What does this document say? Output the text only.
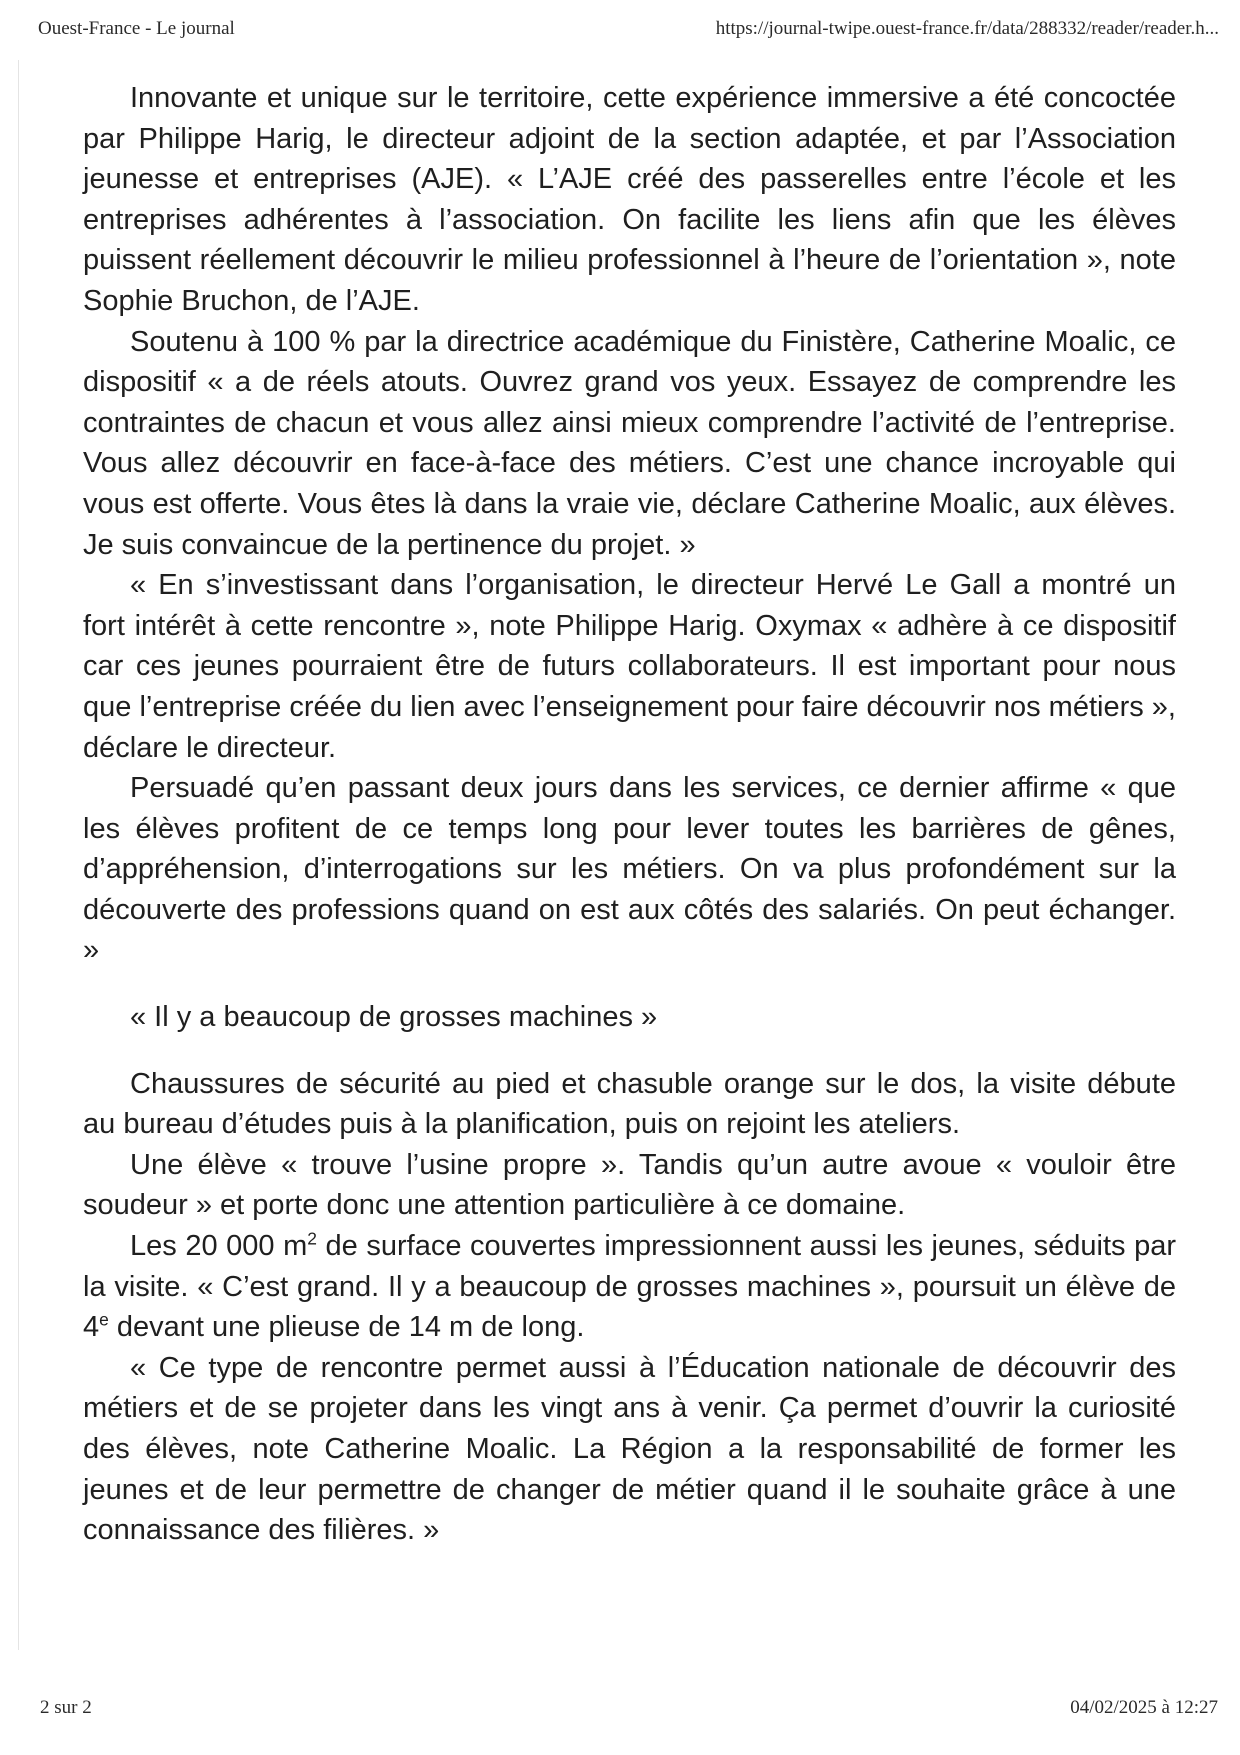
Ouest-France - Le journal	https://journal-twipe.ouest-france.fr/data/288332/reader/reader.h...

Innovante et unique sur le territoire, cette expérience immersive a été concoctée par Philippe Harig, le directeur adjoint de la section adaptée, et par l’Association jeunesse et entreprises (AJE). « L’AJE créé des passerelles entre l’école et les entreprises adhérentes à l’association. On facilite les liens afin que les élèves puissent réellement découvrir le milieu professionnel à l’heure de l’orientation », note Sophie Bruchon, de l’AJE.

Soutenu à 100 % par la directrice académique du Finistère, Catherine Moalic, ce dispositif « a de réels atouts. Ouvrez grand vos yeux. Essayez de comprendre les contraintes de chacun et vous allez ainsi mieux comprendre l’activité de l’entreprise. Vous allez découvrir en face-à-face des métiers. C’est une chance incroyable qui vous est offerte. Vous êtes là dans la vraie vie, déclare Catherine Moalic, aux élèves. Je suis convaincue de la pertinence du projet. »

« En s’investissant dans l’organisation, le directeur Hervé Le Gall a montré un fort intérêt à cette rencontre », note Philippe Harig. Oxymax « adhère à ce dispositif car ces jeunes pourraient être de futurs collaborateurs. Il est important pour nous que l’entreprise créée du lien avec l’enseignement pour faire découvrir nos métiers », déclare le directeur.

Persuadé qu’en passant deux jours dans les services, ce dernier affirme « que les élèves profitent de ce temps long pour lever toutes les barrières de gênes, d’appréhension, d’interrogations sur les métiers. On va plus profondément sur la découverte des professions quand on est aux côtés des salariés. On peut échanger. »

« Il y a beaucoup de grosses machines »

Chaussures de sécurité au pied et chasuble orange sur le dos, la visite débute au bureau d’études puis à la planification, puis on rejoint les ateliers.

Une élève « trouve l’usine propre ». Tandis qu’un autre avoue « vouloir être soudeur » et porte donc une attention particulière à ce domaine.

Les 20 000 $m^2$ de surface couvertes impressionnent aussi les jeunes, séduits par la visite. « C’est grand. Il y a beaucoup de grosses machines », poursuit un élève de 4e devant une plieuse de 14 m de long.

« Ce type de rencontre permet aussi à l’Éducation nationale de découvrir des métiers et de se projeter dans les vingt ans à venir. Ça permet d’ouvrir la curiosité des élèves, note Catherine Moalic. La Région a la responsabilité de former les jeunes et de leur permettre de changer de métier quand il le souhaite grâce à une connaissance des filières. »

2 sur 2	04/02/2025 à 12:27
